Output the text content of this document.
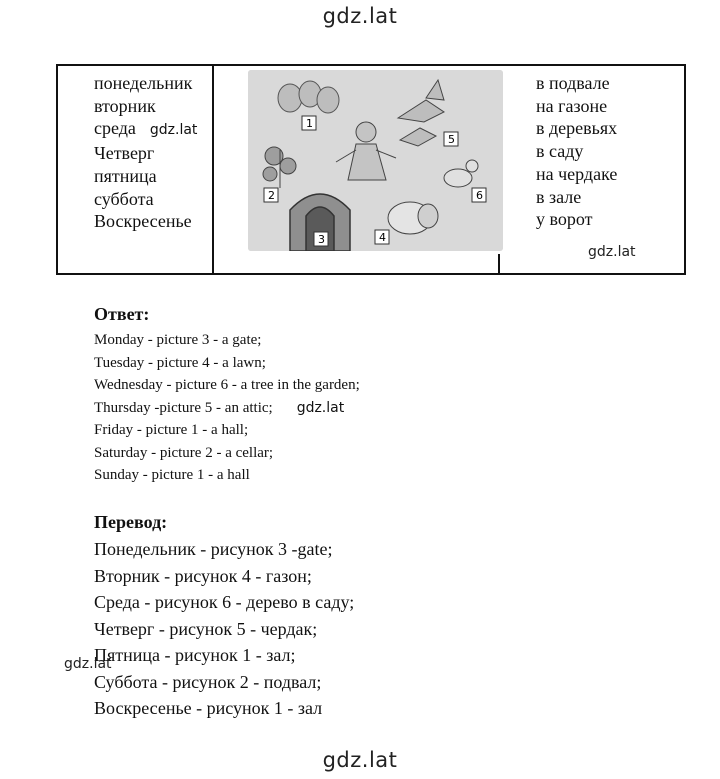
gdz.lat
понедельник
вторник
среда gdz.lat
Четверг
пятница
суббота
Воскресенье
1
2
3	4
5
6
в подвале
на газоне
в деревьях
в саду
на чердаке
в зале
у ворот
gdz.lat
Ответ:
Monday - picture 3 - a gate;
Tuesday - picture 4 - a lawn;
Wednesday - picture 6 - a tree in the garden;
Thursday -picture 5 - an attic; gdz.lat
Friday - picture 1 - a hall;
Saturday - picture 2 - a cellar;
Sunday - picture 1 - a hall
Перевод:
Понедельник - рисунок 3 -gate;
Вторник - рисунок 4 - газон;
Среда - рисунок 6 - дерево в саду;
Четверг - рисунок 5 - чердак;
Пятница - рисунок 1 - зал;
Суббота - рисунок 2 - подвал;
Воскресенье - рисунок 1 - зал
gdz.lat
gdz.lat
